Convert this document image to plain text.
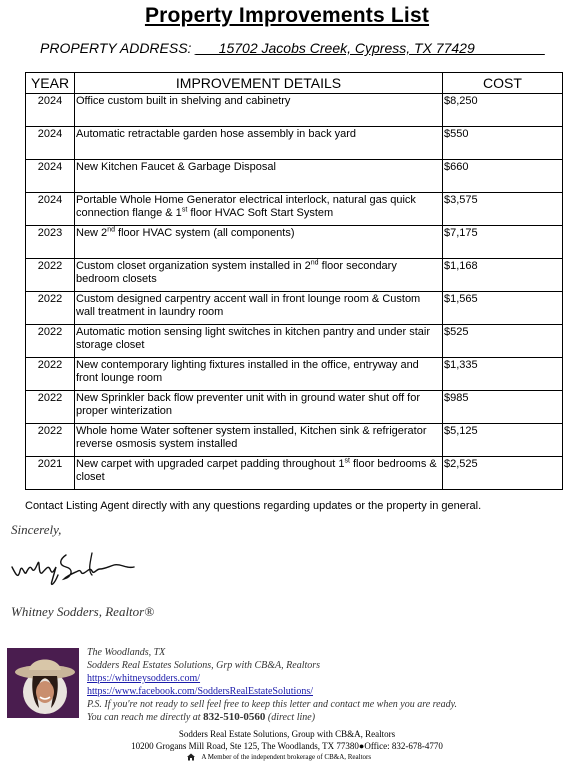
Property Improvements List
PROPERTY ADDRESS: ___15702 Jacobs Creek, Cypress, TX 77429_________
YEAR	IMPROVEMENT DETAILS	COST
2024	Office custom built in shelving and cabinetry	$8,250
2024	Automatic retractable garden hose assembly in back yard	$550
2024	New Kitchen Faucet & Garbage Disposal	$660
2024	Portable Whole Home Generator electrical interlock, natural gas quick connection flange & 1st floor HVAC Soft Start System	$3,575
2023	New 2nd floor HVAC system (all components)	$7,175
2022	Custom closet organization system installed in 2nd floor secondary bedroom closets	$1,168
2022	Custom designed carpentry accent wall in front lounge room & Custom wall treatment in laundry room	$1,565
2022	Automatic motion sensing light switches in kitchen pantry and under stair storage closet	$525
2022	New contemporary lighting fixtures installed in the office, entryway and front lounge room	$1,335
2022	New Sprinkler back flow preventer unit with in ground water shut off for proper winterization	$985
2022	Whole home Water softener system installed, Kitchen sink & refrigerator reverse osmosis system installed	$5,125
2021	New carpet with upgraded carpet padding throughout 1st floor bedrooms & closet	$2,525
Contact Listing Agent directly with any questions regarding updates or the property in general.
Sincerely,
Whitney Sodders, Realtor®
The Woodlands, TX
Sodders Real Estates Solutions, Grp with CB&A, Realtors
https://whitneysodders.com/
https://www.facebook.com/SoddersRealEstateSolutions/
P.S. If you're not ready to sell feel free to keep this letter and contact me when you are ready.
You can reach me directly at 832-510-0560 (direct line)
Sodders Real Estate Solutions, Group with CB&A, Realtors
10200 Grogans Mill Road, Ste 125, The Woodlands, TX 77380●Office: 832-678-4770
A Member of the independent brokerage of CB&A, Realtors
